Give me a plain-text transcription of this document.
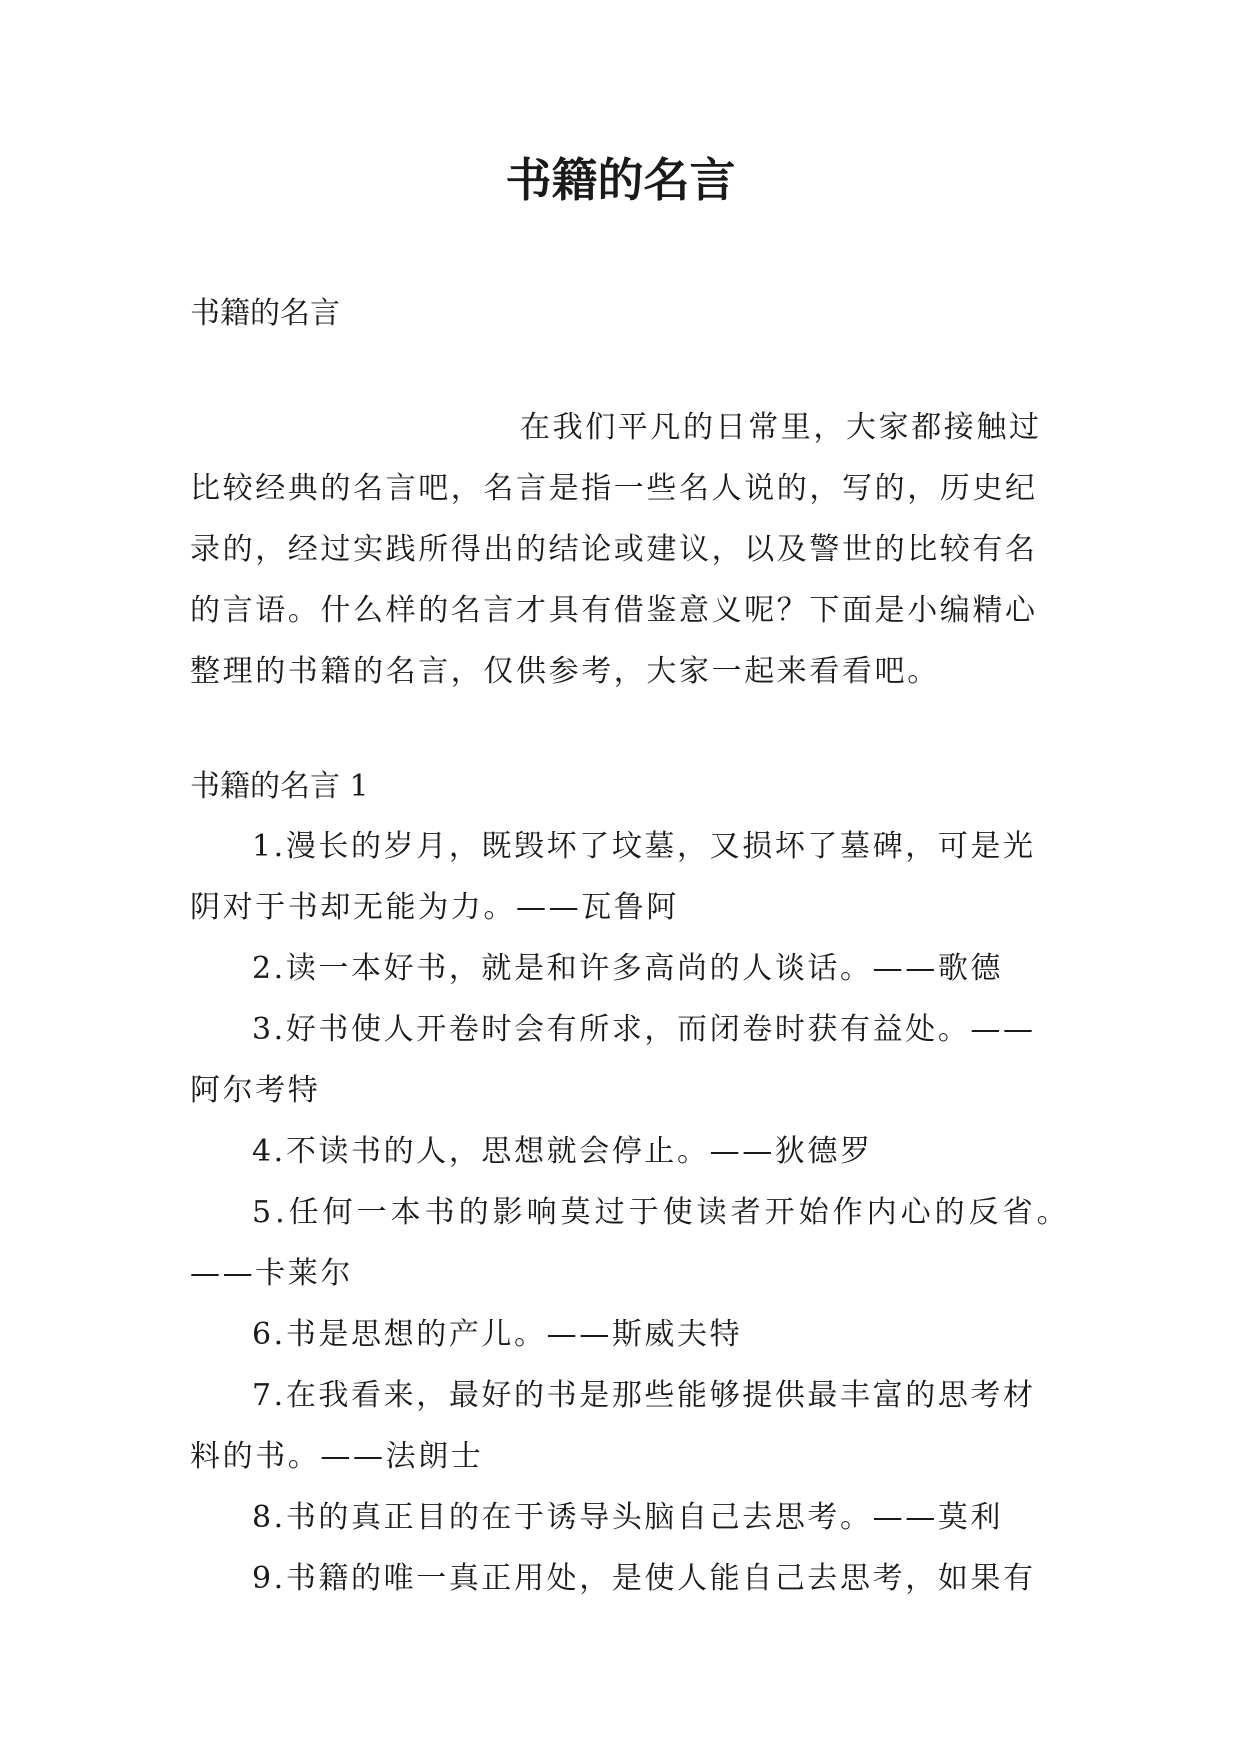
书籍的名言
书籍的名言
在我们平凡的日常里，大家都接触过
比较经典的名言吧，名言是指一些名人说的，写的，历史纪
录的，经过实践所得出的结论或建议，以及警世的比较有名
的言语。什么样的名言才具有借鉴意义呢？下面是小编精心
整理的书籍的名言，仅供参考，大家一起来看看吧。
书籍的名言 1
1.漫长的岁月，既毁坏了坟墓，又损坏了墓碑，可是光
阴对于书却无能为力。——瓦鲁阿
2.读一本好书，就是和许多高尚的人谈话。——歌德
3.好书使人开卷时会有所求，而闭卷时获有益处。——
阿尔考特
4.不读书的人，思想就会停止。——狄德罗
5.任何一本书的影响莫过于使读者开始作内心的反省。
——卡莱尔
6.书是思想的产儿。——斯威夫特
7.在我看来，最好的书是那些能够提供最丰富的思考材
料的书。——法朗士
8.书的真正目的在于诱导头脑自己去思考。——莫利
9.书籍的唯一真正用处，是使人能自己去思考，如果有
